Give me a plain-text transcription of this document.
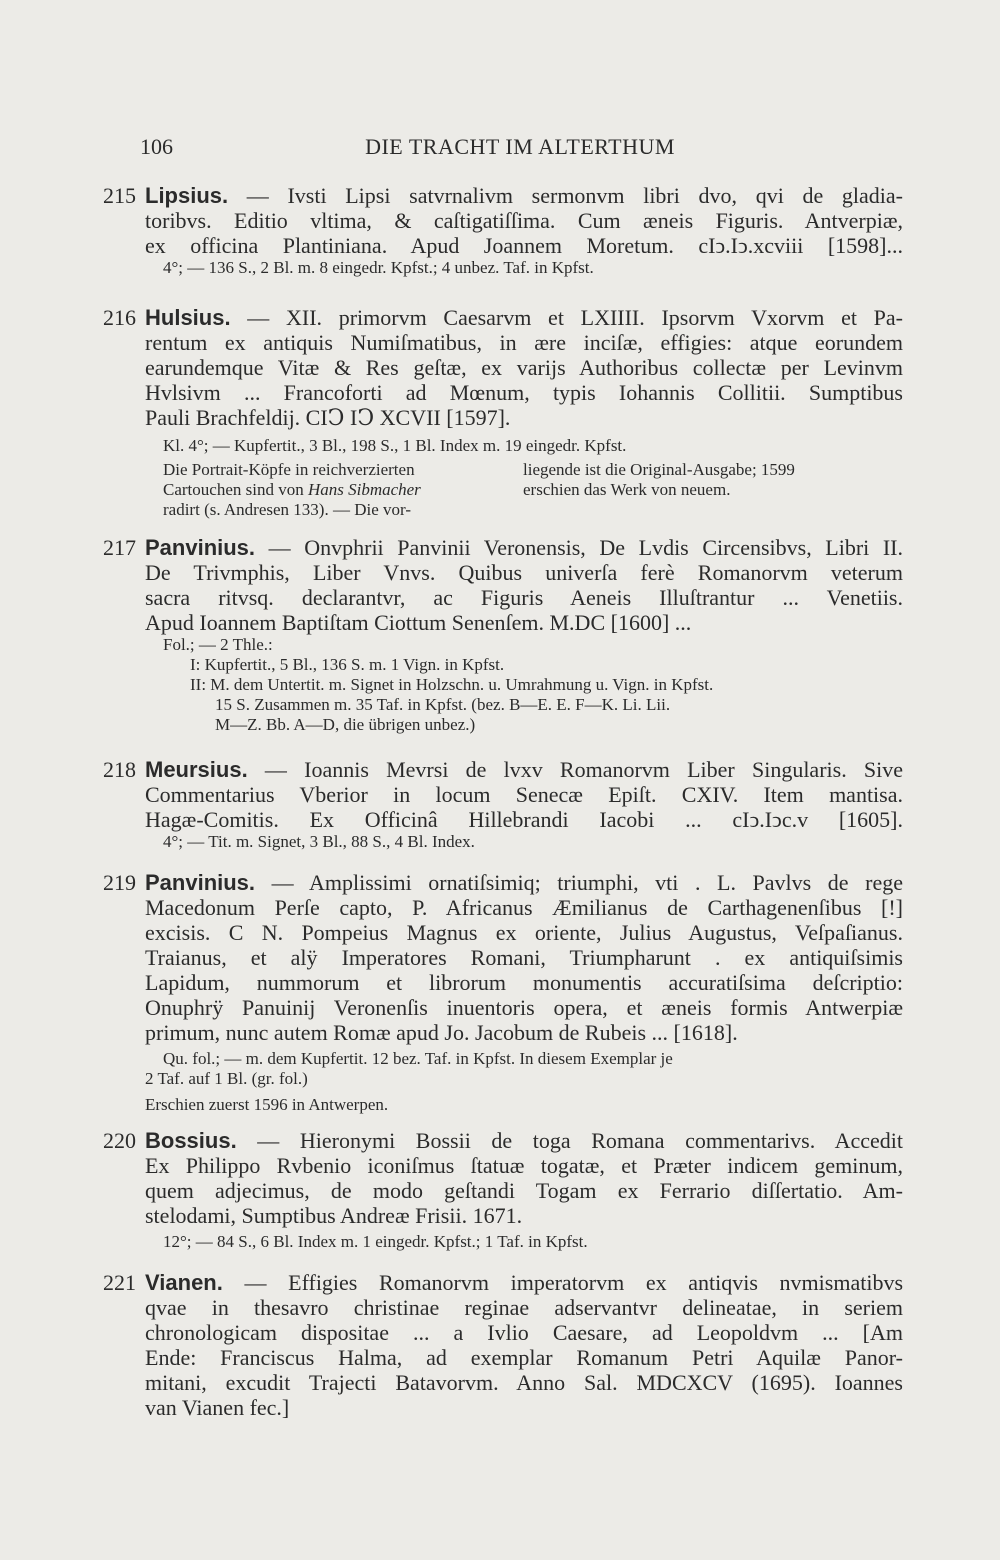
106	DIE TRACHT IM ALTERTHUM
215 Lipsius. — Ivsti Lipsi satvrnalivm sermonvm libri dvo, qvi de gladia-
toribvs. Editio vltima, & caſtigatiſſima. Cum æneis Figuris. Antverpiæ,
ex officina Plantiniana. Apud Joannem Moretum. cIↄ.Iↄ.xcviii [1598]...
4°; — 136 S., 2 Bl. m. 8 eingedr. Kpfst.; 4 unbez. Taf. in Kpfst.
216 Hulsius. — XII. primorvm Caesarvm et LXIIII. Ipsorvm Vxorvm et Pa-
rentum ex antiquis Numiſmatibus, in ære inciſæ, effigies: atque eorundem
earundemque Vitæ & Res geſtæ, ex varijs Authoribus collectæ per Levinvm
Hvlsivm ... Francoforti ad Mœnum, typis Iohannis Collitii. Sumptibus
Pauli Brachfeldij. CIↃ IↃ XCVII [1597].
Kl. 4°; — Kupfertit., 3 Bl., 198 S., 1 Bl. Index m. 19 eingedr. Kpfst.
Die Portrait-Köpfe in reichverzierten
Cartouchen sind von Hans Sibmacher
radirt (s. Andresen 133). — Die vor-
liegende ist die Original-Ausgabe; 1599
erschien das Werk von neuem.
217 Panvinius. — Onvphrii Panvinii Veronensis, De Lvdis Circensibvs, Libri II.
De Trivmphis, Liber Vnvs. Quibus univerſa ferè Romanorvm veterum
sacra ritvsq. declarantvr, ac Figuris Aeneis Illuſtrantur ... Venetiis.
Apud Ioannem Baptiſtam Ciottum Senenſem. M.DC [1600] ...
Fol.; — 2 Thle.:
I: Kupfertit., 5 Bl., 136 S. m. 1 Vign. in Kpfst.
II: M. dem Untertit. m. Signet in Holzschn. u. Umrahmung u. Vign. in Kpfst.
15 S. Zusammen m. 35 Taf. in Kpfst. (bez. B—E. E. F—K. Li. Lii.
M—Z. Bb. A—D, die übrigen unbez.)
218 Meursius. — Ioannis Mevrsi de lvxv Romanorvm Liber Singularis. Sive
Commentarius Vberior in locum Senecæ Epiſt. CXIV. Item mantisa.
Hagæ-Comitis. Ex Officinâ Hillebrandi Iacobi ... cIↄ.Iↄc.v [1605].
4°; — Tit. m. Signet, 3 Bl., 88 S., 4 Bl. Index.
219 Panvinius. — Amplissimi ornatiſsimiq; triumphi, vti . L. Pavlvs de rege
Macedonum Perſe capto, P. Africanus Æmilianus de Carthagenenſibus [!]
excisis. C N. Pompeius Magnus ex oriente, Julius Augustus, Veſpaſianus.
Traianus, et alÿ Imperatores Romani, Triumpharunt . ex antiquiſsimis
Lapidum, nummorum et librorum monumentis accuratiſsima deſcriptio:
Onuphrÿ Panuinij Veronenſis inuentoris opera, et æneis formis Antwerpiæ
primum, nunc autem Romæ apud Jo. Jacobum de Rubeis ... [1618].
Qu. fol.; — m. dem Kupfertit. 12 bez. Taf. in Kpfst. In diesem Exemplar je
2 Taf. auf 1 Bl. (gr. fol.)
Erschien zuerst 1596 in Antwerpen.
220 Bossius. — Hieronymi Bossii de toga Romana commentarivs. Accedit
Ex Philippo Rvbenio iconiſmus ſtatuæ togatæ, et Præter indicem geminum,
quem adjecimus, de modo geſtandi Togam ex Ferrario diſſertatio. Am-
stelodami, Sumptibus Andreæ Frisii. 1671.
12°; — 84 S., 6 Bl. Index m. 1 eingedr. Kpfst.; 1 Taf. in Kpfst.
221 Vianen. — Effigies Romanorvm imperatorvm ex antiqvis nvmismatibvs
qvae in thesavro christinae reginae adservantvr delineatae, in seriem
chronologicam dispositae ... a Ivlio Caesare, ad Leopoldvm ... [Am
Ende: Franciscus Halma, ad exemplar Romanum Petri Aquilæ Panor-
mitani, excudit Trajecti Batavorvm. Anno Sal. MDCXCV (1695). Ioannes
van Vianen fec.]
